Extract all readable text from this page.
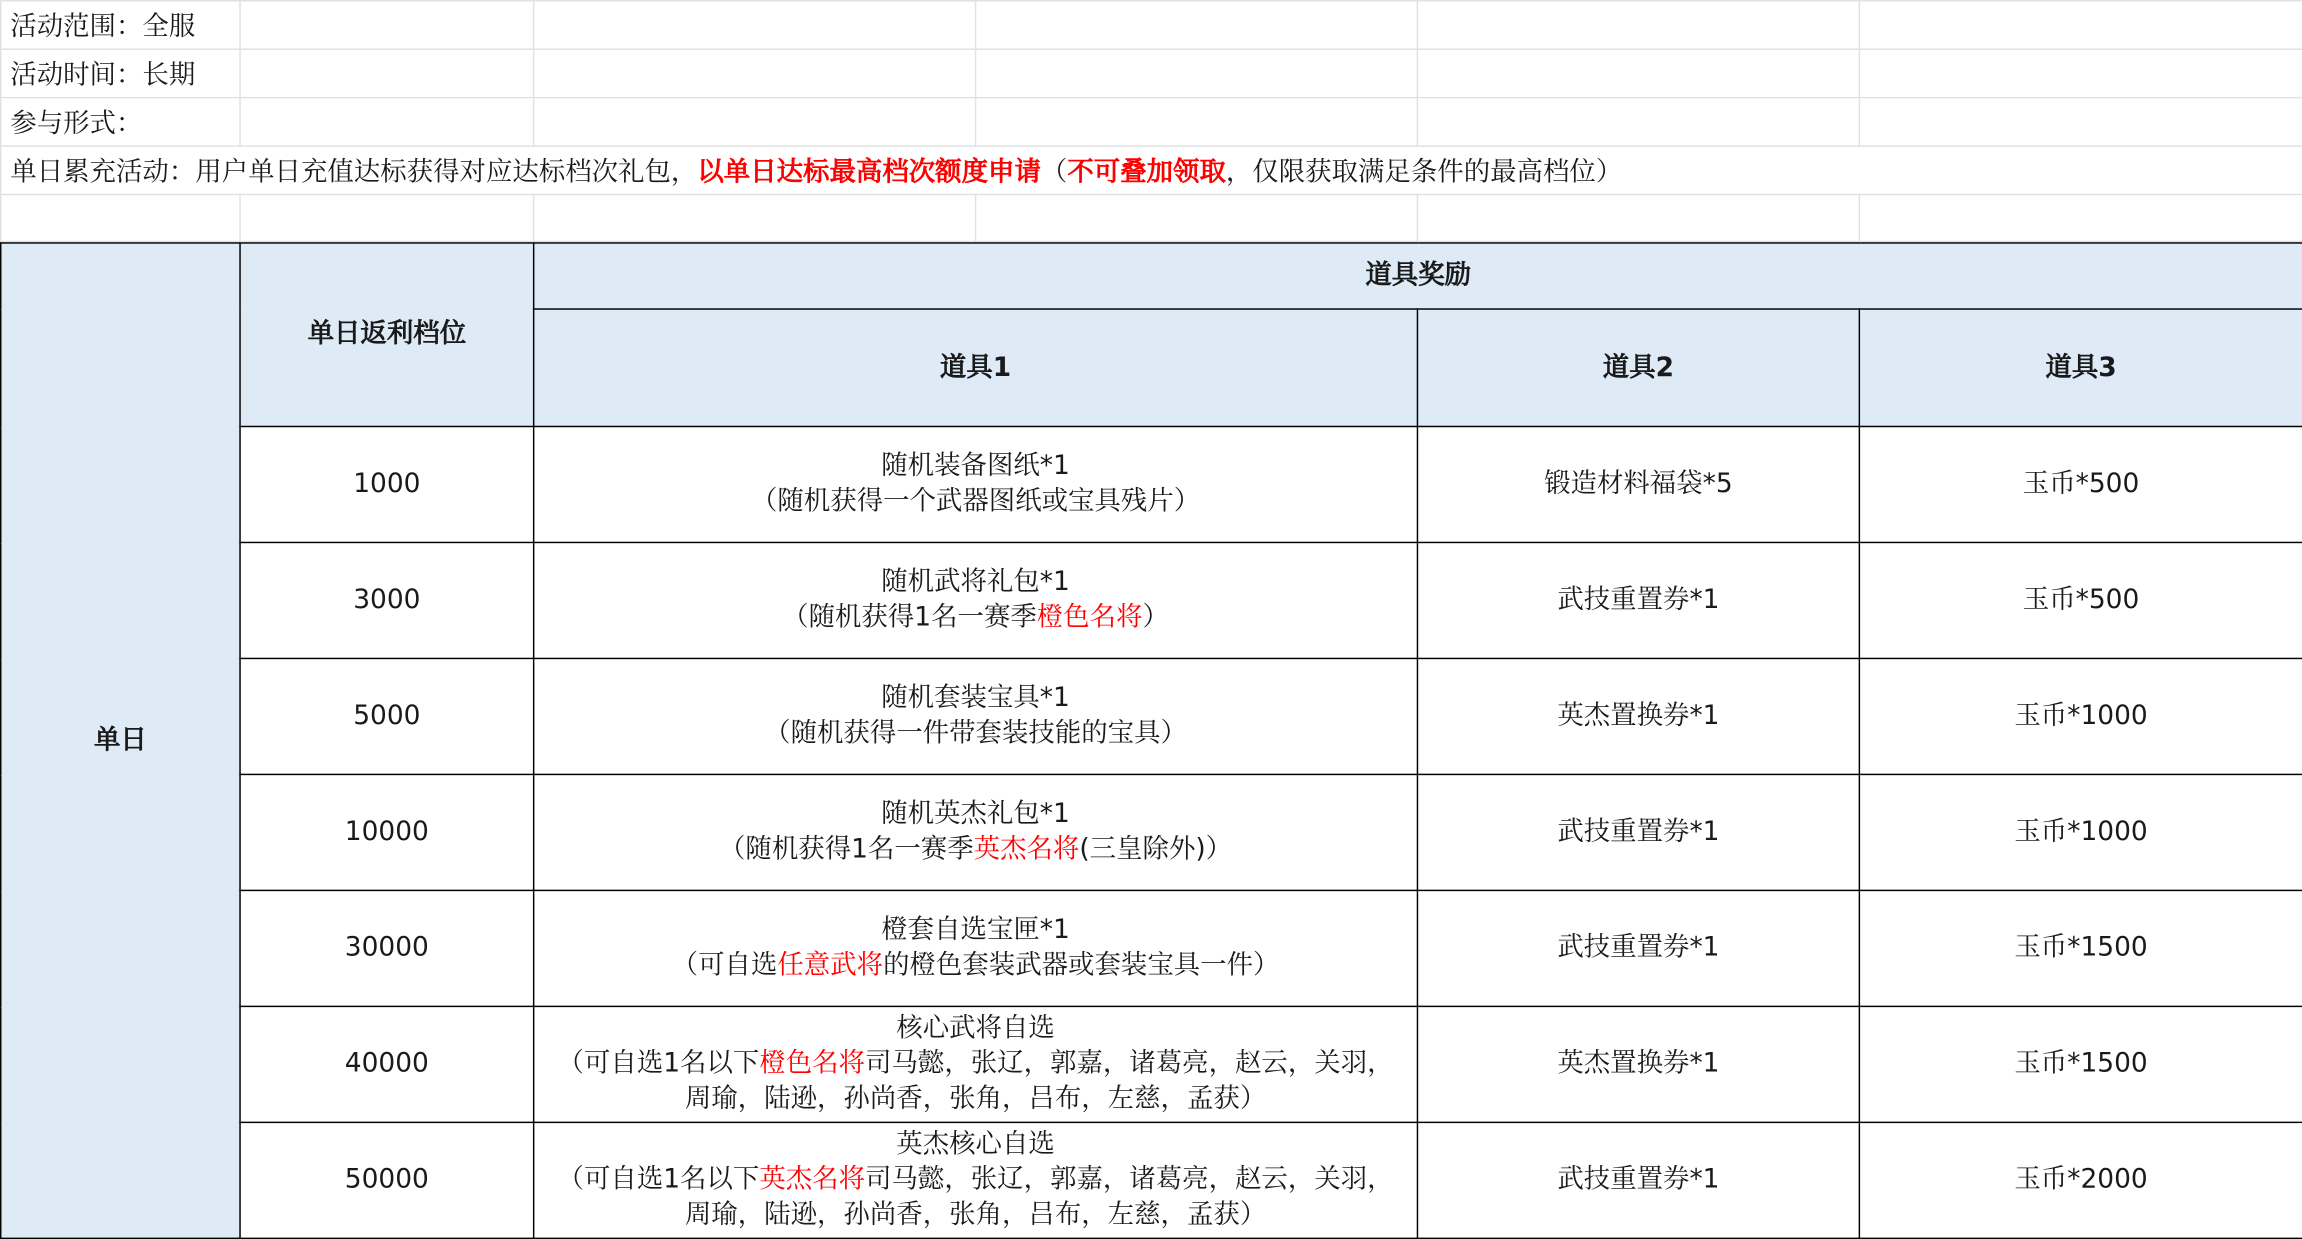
活动范围：全服					
活动时间：长期					
参与形式：					
单日累充活动：用户单日充值达标获得对应达标档次礼包，以单日达标最高档次额度申请（不可叠加领取，仅限获取满足条件的最高档位）					

单日	单日返利档位	道具奖励		
		道具1	道具2	道具3
	1000	随机装备图纸*1
（随机获得一个武器图纸或宝具残片）	锻造材料福袋*5	玉币*500
	3000	随机武将礼包*1
（随机获得1名一赛季橙色名将）	武技重置券*1	玉币*500
	5000	随机套装宝具*1
（随机获得一件带套装技能的宝具）	英杰置换券*1	玉币*1000
	10000	随机英杰礼包*1
（随机获得1名一赛季英杰名将(三皇除外)）	武技重置券*1	玉币*1000
	30000	橙套自选宝匣*1
（可自选任意武将的橙色套装武器或套装宝具一件）	武技重置券*1	玉币*1500
	40000	核心武将自选
（可自选1名以下橙色名将司马懿，张辽，郭嘉，诸葛亮，赵云，关羽，
周瑜，陆逊，孙尚香，张角，吕布，左慈，孟获）	英杰置换券*1	玉币*1500
	50000	英杰核心自选
（可自选1名以下英杰名将司马懿，张辽，郭嘉，诸葛亮，赵云，关羽，
周瑜，陆逊，孙尚香，张角，吕布，左慈，孟获）	武技重置券*1	玉币*2000
